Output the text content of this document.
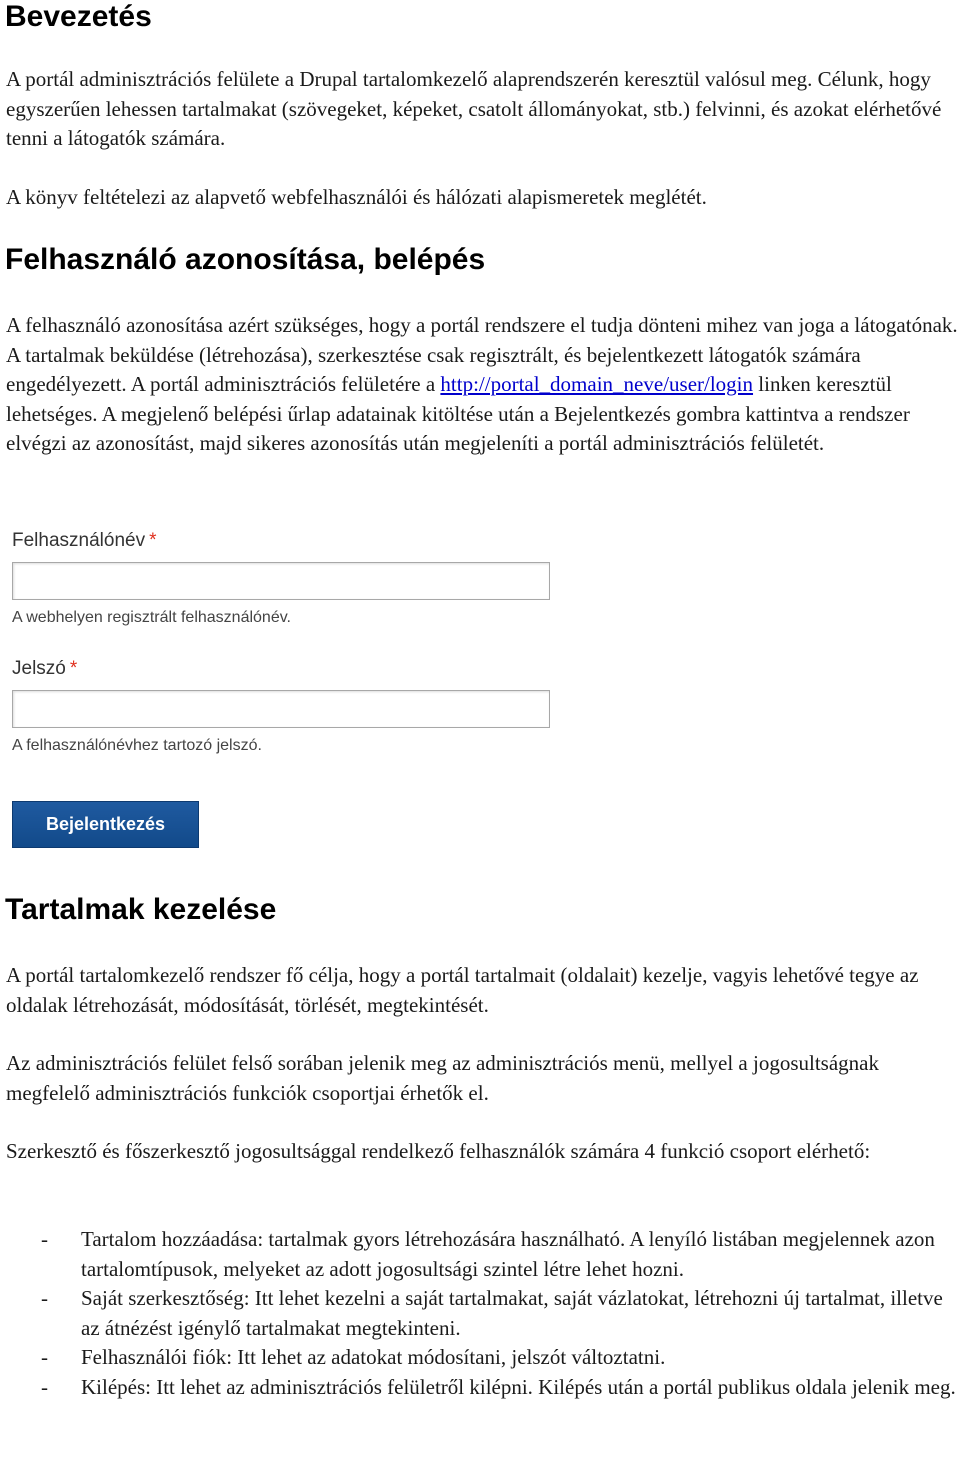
Bevezetés

A portál adminisztrációs felülete a Drupal tartalomkezelő alaprendszerén keresztül valósul meg. Célunk, hogy egyszerűen lehessen tartalmakat (szövegeket, képeket, csatolt állományokat, stb.) felvinni, és azokat elérhetővé tenni a látogatók számára.

A könyv feltételezi az alapvető webfelhasználói és hálózati alapismeretek meglétét.

Felhasználó azonosítása, belépés

A felhasználó azonosítása azért szükséges, hogy a portál rendszere el tudja dönteni mihez van joga a látogatónak. A tartalmak beküldése (létrehozása), szerkesztése csak regisztrált, és bejelentkezett látogatók számára engedélyezett. A portál adminisztrációs felületére a http://portal_domain_neve/user/login linken keresztül lehetséges. A megjelenő belépési űrlap adatainak kitöltése után a Bejelentkezés gombra kattintva a rendszer elvégzi az azonosítást, majd sikeres azonosítás után megjeleníti a portál adminisztrációs felületét.

Felhasználónév *
A webhelyen regisztrált felhasználónév.
Jelszó *
A felhasználónévhez tartozó jelszó.
Bejelentkezés
Tartalmak kezelése

A portál tartalomkezelő rendszer fő célja, hogy a portál tartalmait (oldalait) kezelje, vagyis lehetővé tegye az oldalak létrehozását, módosítását, törlését, megtekintését.

Az adminisztrációs felület felső sorában jelenik meg az adminisztrációs menü, mellyel a jogosultságnak megfelelő adminisztrációs funkciók csoportjai érhetők el.

Szerkesztő és főszerkesztő jogosultsággal rendelkező felhasználók számára 4 funkció csoport elérhető:

- Tartalom hozzáadása: tartalmak gyors létrehozására használható. A lenyíló listában megjelennek azon tartalomtípusok, melyeket az adott jogosultsági szintel létre lehet hozni.
- Saját szerkesztőség: Itt lehet kezelni a saját tartalmakat, saját vázlatokat, létrehozni új tartalmat, illetve az átnézést igénylő tartalmakat megtekinteni.
- Felhasználói fiók: Itt lehet az adatokat módosítani, jelszót változtatni.
- Kilépés: Itt lehet az adminisztrációs felületről kilépni. Kilépés után a portál publikus oldala jelenik meg.
